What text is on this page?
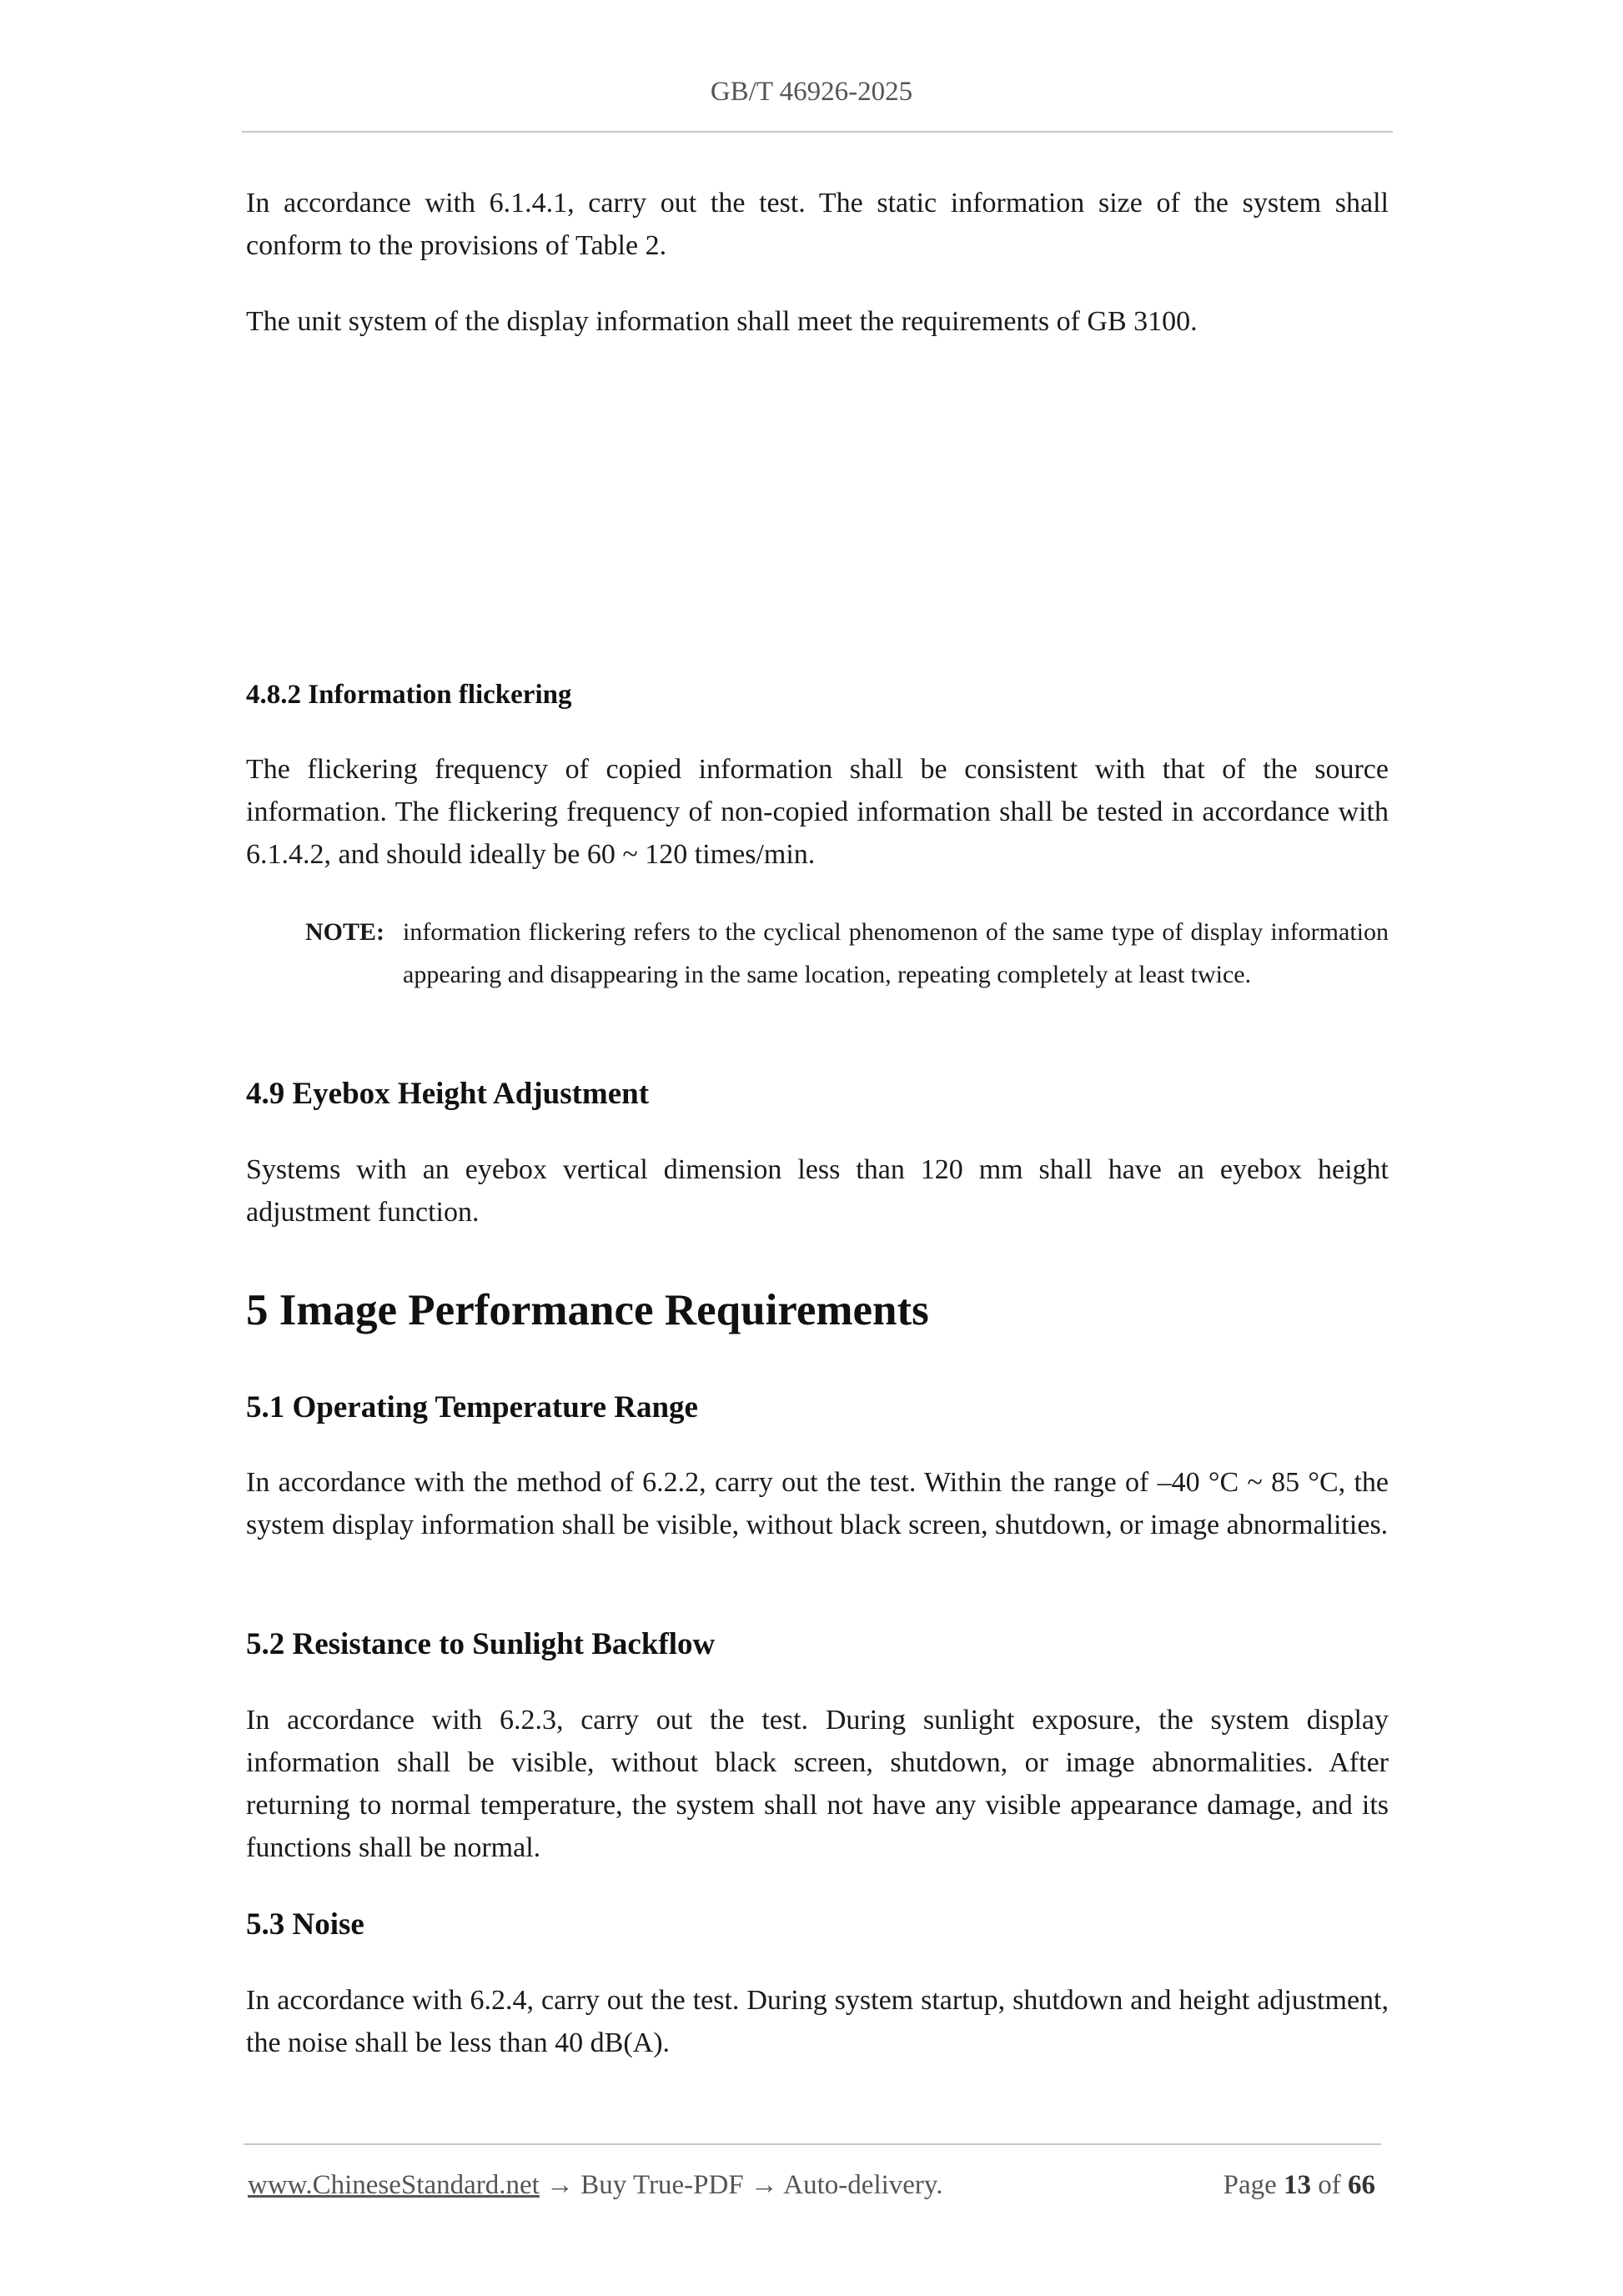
GB/T 46926-2025

In accordance with 6.1.4.1, carry out the test. The static information size of the system shall conform to the provisions of Table 2.

The unit system of the display information shall meet the requirements of GB 3100.

4.8.2 Information flickering

The flickering frequency of copied information shall be consistent with that of the source information. The flickering frequency of non-copied information shall be tested in accordance with 6.1.4.2, and should ideally be 60 ~ 120 times/min.

NOTE: information flickering refers to the cyclical phenomenon of the same type of display information appearing and disappearing in the same location, repeating completely at least twice.
4.9 Eyebox Height Adjustment

Systems with an eyebox vertical dimension less than 120 mm shall have an eyebox height adjustment function.

5 Image Performance Requirements
5.1 Operating Temperature Range

In accordance with the method of 6.2.2, carry out the test. Within the range of –40 °C ~ 85 °C, the system display information shall be visible, without black screen, shutdown, or image abnormalities.

5.2 Resistance to Sunlight Backflow

In accordance with 6.2.3, carry out the test. During sunlight exposure, the system display information shall be visible, without black screen, shutdown, or image abnormalities. After returning to normal temperature, the system shall not have any visible appearance damage, and its functions shall be normal.

5.3 Noise

In accordance with 6.2.4, carry out the test. During system startup, shutdown and height adjustment, the noise shall be less than 40 dB(A).

www.ChineseStandard.net → Buy True-PDF → Auto-delivery.	Page 13 of 66
